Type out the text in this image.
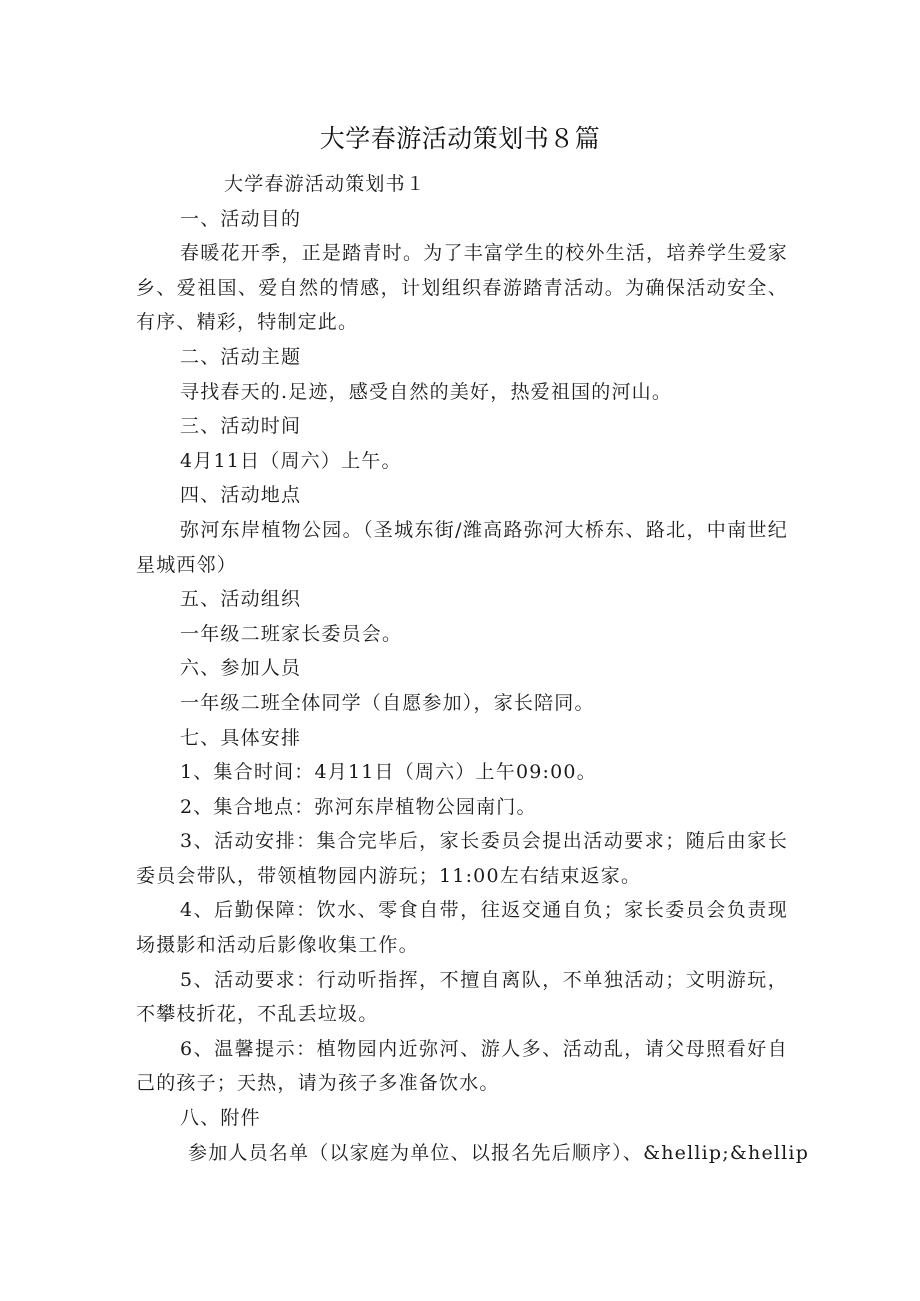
大学春游活动策划书８篇

大学春游活动策划书１

一、活动目的

春暖花开季，正是踏青时。为了丰富学生的校外生活，培养学生爱家乡、爱祖国、爱自然的情感，计划组织春游踏青活动。为确保活动安全、有序、精彩，特制定此。

二、活动主题

寻找春天的.足迹，感受自然的美好，热爱祖国的河山。

三、活动时间

4月11日（周六）上午。

四、活动地点

弥河东岸植物公园。（圣城东街/潍高路弥河大桥东、路北，中南世纪星城西邻）

五、活动组织

一年级二班家长委员会。

六、参加人员

一年级二班全体同学（自愿参加），家长陪同。

七、具体安排

1、集合时间：4月11日（周六）上午09:00。

2、集合地点：弥河东岸植物公园南门。

3、活动安排：集合完毕后，家长委员会提出活动要求；随后由家长委员会带队，带领植物园内游玩；11:00左右结束返家。

4、后勤保障：饮水、零食自带，往返交通自负；家长委员会负责现场摄影和活动后影像收集工作。

5、活动要求：行动听指挥，不擅自离队，不单独活动；文明游玩，不攀枝折花，不乱丢垃圾。

6、温馨提示：植物园内近弥河、游人多、活动乱，请父母照看好自己的孩子；天热，请为孩子多准备饮水。

八、附件

参加人员名单（以家庭为单位、以报名先后顺序）、&hellip;&hellip
